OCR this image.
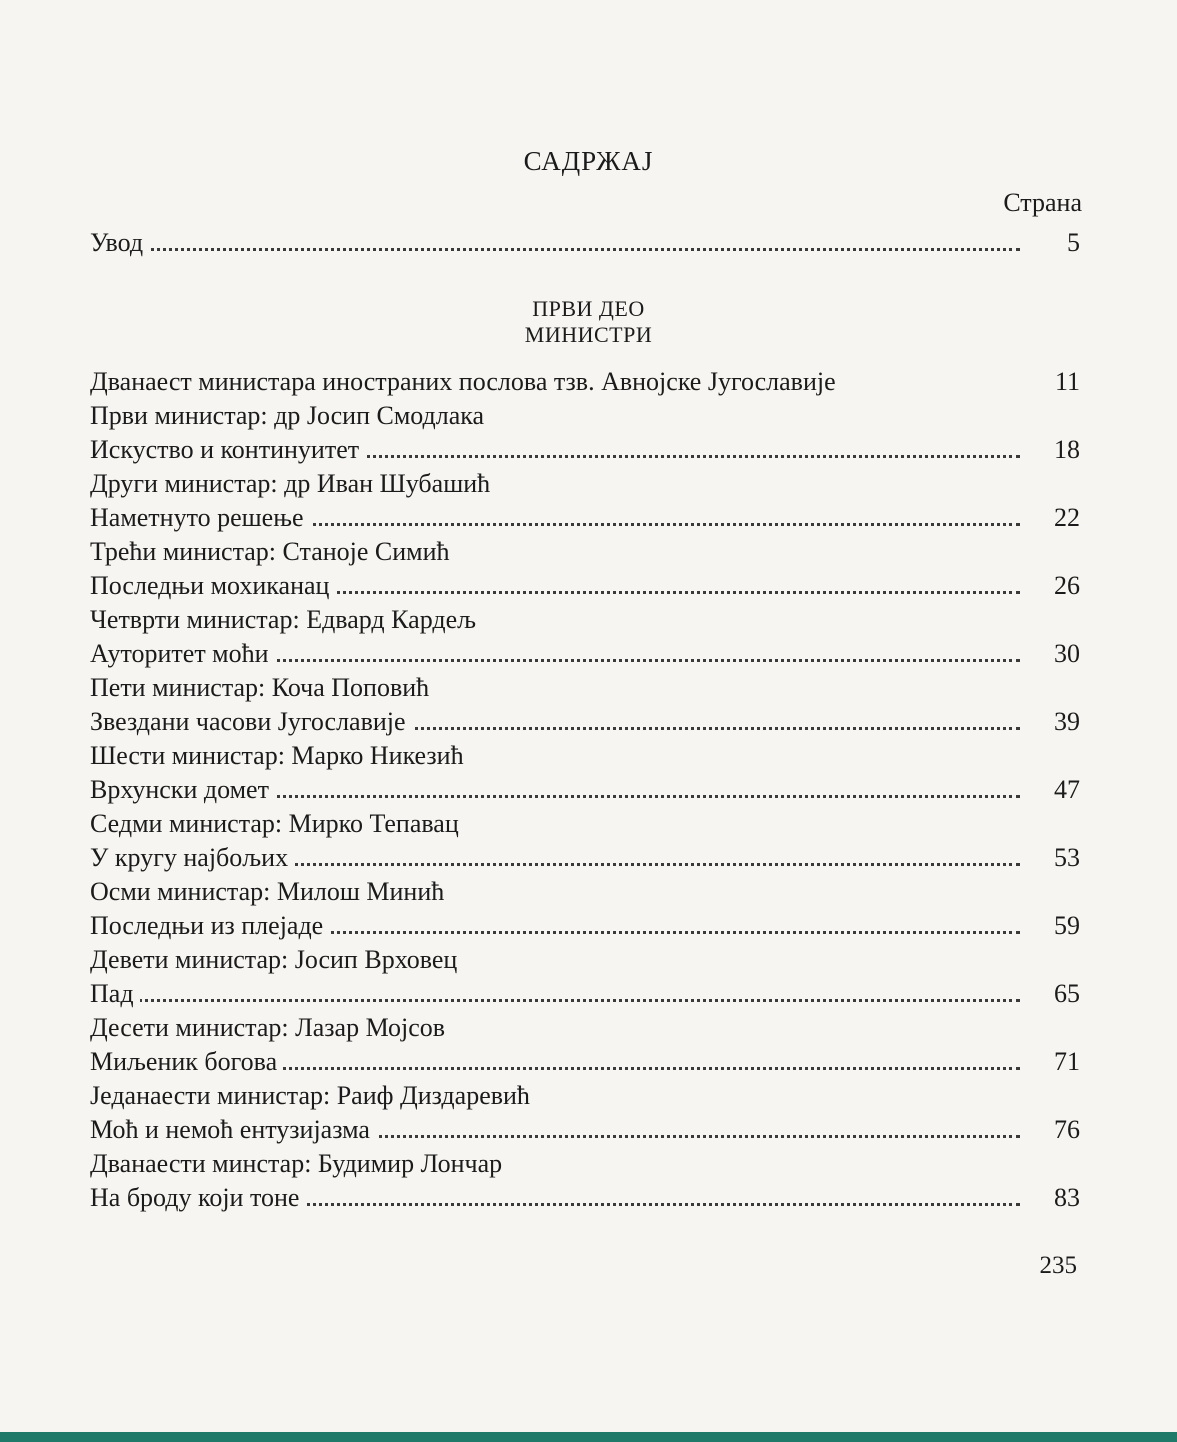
САДРЖАЈ
Страна
Увод	5
ПРВИ ДЕО
МИНИСТРИ
Дванаест министара иностраних послова тзв. Авнојске Југославије	11
Први министар: др Јосип Смодлака
Искуство и континуитет	18
Други министар: др Иван Шубашић
Наметнуто решење	22
Трећи министар: Станоје Симић
Последњи мохиканац	26
Четврти министар: Едвард Кардељ
Ауторитет моћи	30
Пети министар: Коча Поповић
Звездани часови Југославије	39
Шести министар: Марко Никезић
Врхунски домет	47
Седми министар: Мирко Тепавац
У кругу најбољих	53
Осми министар: Милош Минић
Последњи из плејаде	59
Девети министар: Јосип Врховец
Пад	65
Десети министар: Лазар Мојсов
Миљеник богова	71
Једанаести министар: Раиф Диздаревић
Моћ и немоћ ентузијазма	76
Дванаести минстар: Будимир Лончар
На броду који тоне	83
235
